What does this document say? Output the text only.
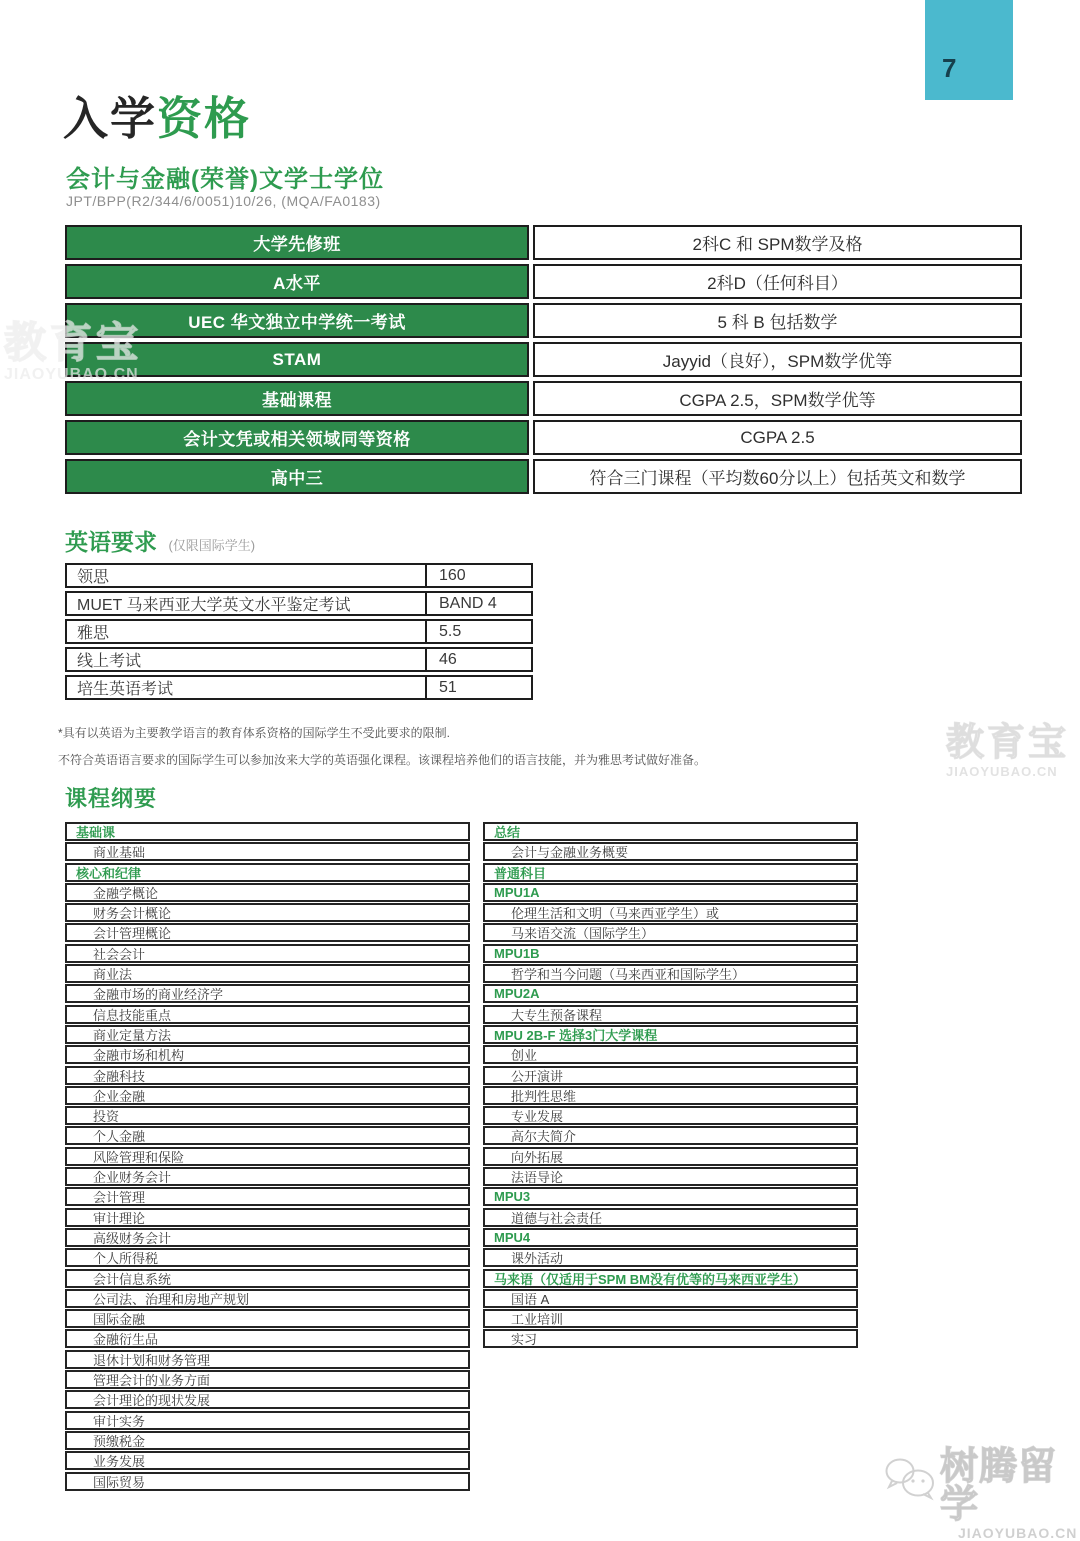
7
入学资格
会计与金融(荣誉)文学士学位
JPT/BPP(R2/344/6/0051)10/26, (MQA/FA0183)
大学先修班	2科C 和 SPM数学及格
A水平	2科D（任何科目）
UEC 华文独立中学统一考试	5 科 B 包括数学
STAM	Jayyid（良好），SPM数学优等
基础课程	CGPA 2.5，SPM数学优等
会计文凭或相关领域同等资格	CGPA 2.5
高中三	符合三门课程（平均数60分以上）包括英文和数学
英语要求 (仅限国际学生)
领思	160
MUET 马来西亚大学英文水平鉴定考试	BAND 4
雅思	5.5
线上考试	46
培生英语考试	51
*具有以英语为主要教学语言的教育体系资格的国际学生不受此要求的限制.
不符合英语语言要求的国际学生可以参加汝来大学的英语强化课程。该课程培养他们的语言技能，并为雅思考试做好准备。
课程纲要
基础课
商业基础
核心和纪律
金融学概论
财务会计概论
会计管理概论
社会会计
商业法
金融市场的商业经济学
信息技能重点
商业定量方法
金融市场和机构
金融科技
企业金融
投资
个人金融
风险管理和保险
企业财务会计
会计管理
审计理论
高级财务会计
个人所得税
会计信息系统
公司法、治理和房地产规划
国际金融
金融衍生品
退休计划和财务管理
管理会计的业务方面
会计理论的现状发展
审计实务
预缴税金
业务发展
国际贸易
总结
会计与金融业务概要
普通科目
MPU1A
伦理生活和文明（马来西亚学生）或
马来语交流（国际学生）
MPU1B
哲学和当今问题（马来西亚和国际学生）
MPU2A
大专生预备课程
MPU 2B-F 选择3门大学课程
创业
公开演讲
批判性思维
专业发展
高尔夫简介
向外拓展
法语导论
MPU3
道德与社会责任
MPU4
课外活动
马来语（仅适用于SPM BM没有优等的马来西亚学生）
国语 A
工业培训
实习
教育宝
JIAOYUBAO.CN
教育宝
JIAOYUBAO.CN
树腾留学
JIAOYUBAO.CN
